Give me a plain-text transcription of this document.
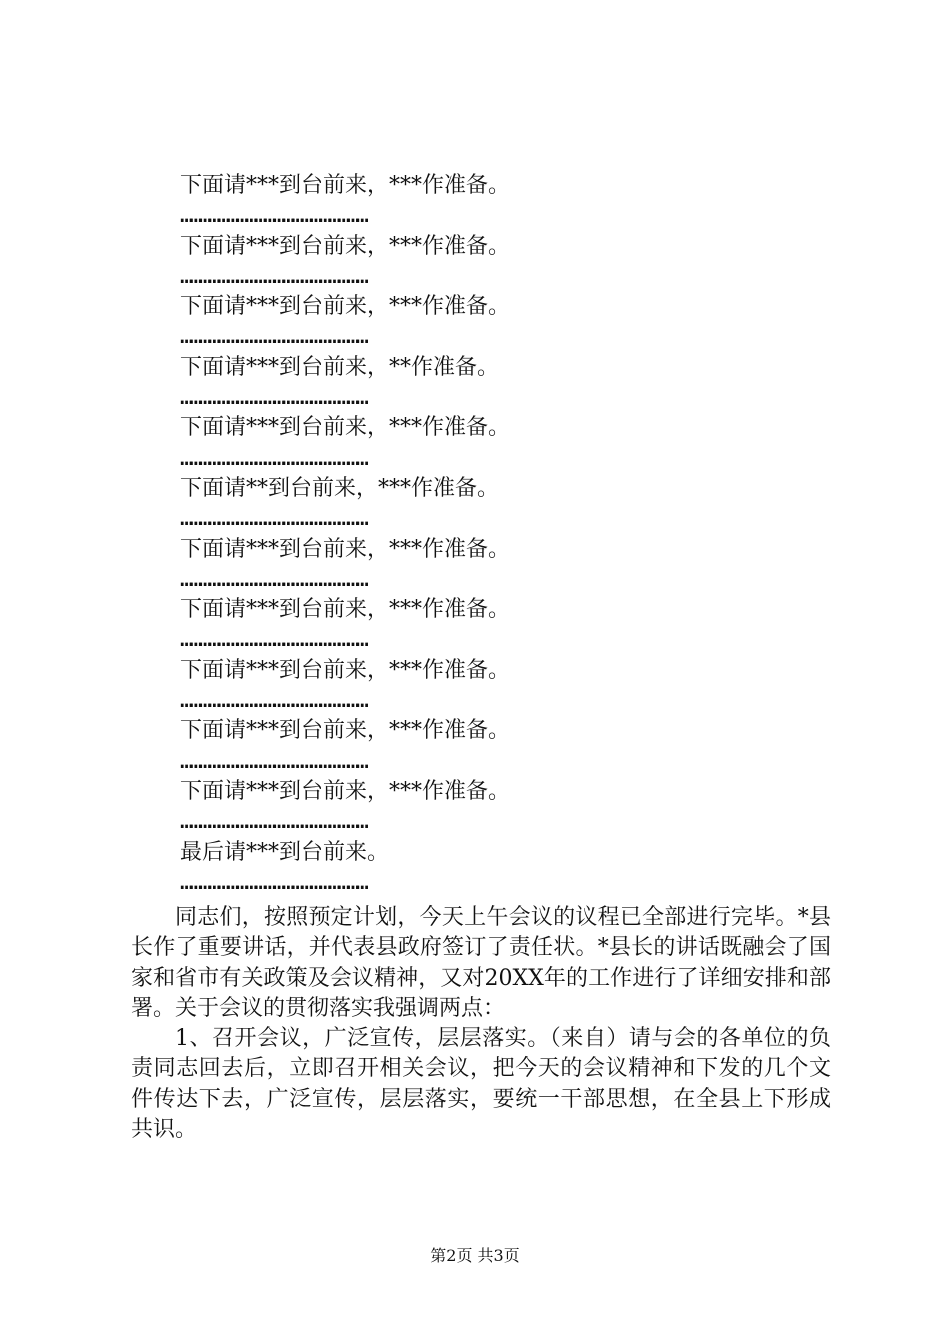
下面请***到台前来，***作准备。
……………………………………………………
下面请***到台前来，***作准备。
……………………………………………………
下面请***到台前来，***作准备。
……………………………………………………
下面请***到台前来，**作准备。
……………………………………………………
下面请***到台前来，***作准备。
……………………………………………………
下面请**到台前来，***作准备。
……………………………………………………
下面请***到台前来，***作准备。
……………………………………………………
下面请***到台前来，***作准备。
……………………………………………………
下面请***到台前来，***作准备。
……………………………………………………
下面请***到台前来，***作准备。
……………………………………………………
下面请***到台前来，***作准备。
……………………………………………………
最后请***到台前来。
……………………………………………………

同志们，按照预定计划，今天上午会议的议程已全部进行完毕。*县长作了重要讲话，并代表县政府签订了责任状。*县长的讲话既融会了国家和省市有关政策及会议精神，又对20XX年的工作进行了详细安排和部署。关于会议的贯彻落实我强调两点：

1、召开会议，广泛宣传，层层落实。（来自）请与会的各单位的负责同志回去后，立即召开相关会议，把今天的会议精神和下发的几个文件传达下去，广泛宣传，层层落实，要统一干部思想，在全县上下形成共识。

第2页 共3页
